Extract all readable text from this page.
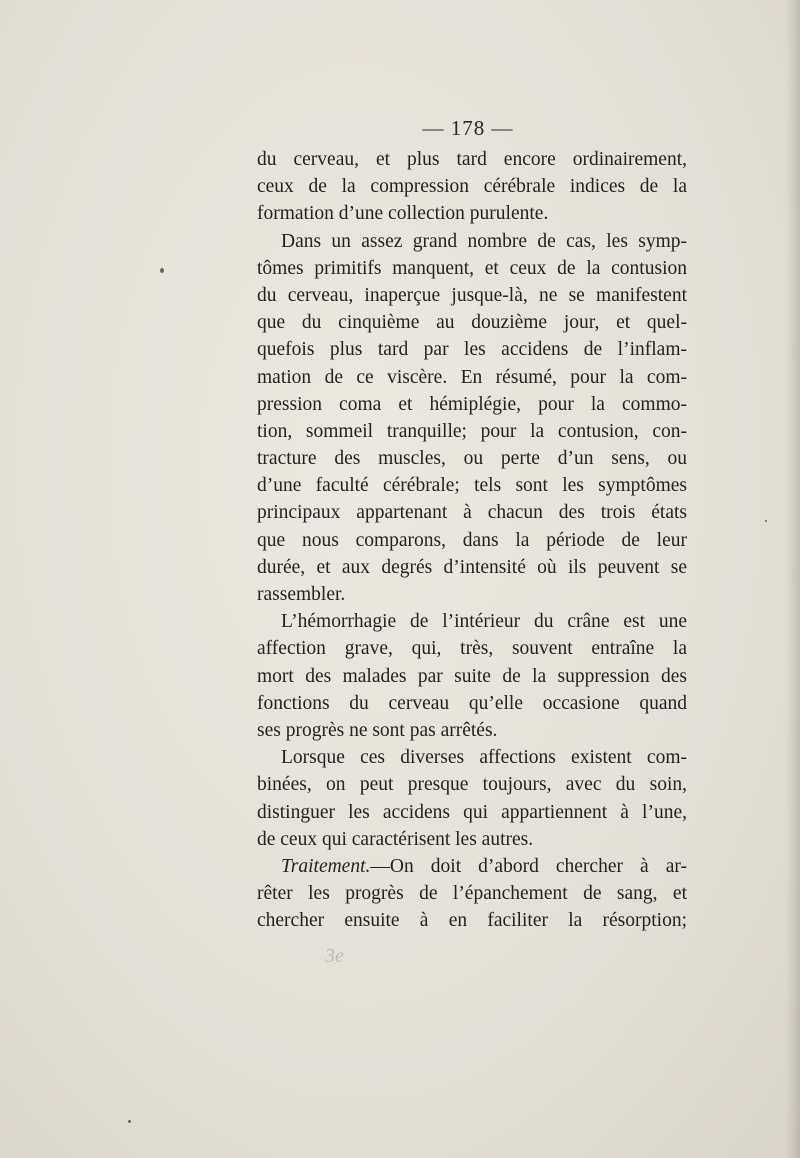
— 178 —
du cerveau, et plus tard encore ordinairement,
ceux de la compression cérébrale indices de la
formation d’une collection purulente.
Dans un assez grand nombre de cas, les symp-
tômes primitifs manquent, et ceux de la contusion
du cerveau, inaperçue jusque-là, ne se manifestent
que du cinquième au douzième jour, et quel-
quefois plus tard par les accidens de l’inflam-
mation de ce viscère. En résumé, pour la com-
pression coma et hémiplégie, pour la commo-
tion, sommeil tranquille; pour la contusion, con-
tracture des muscles, ou perte d’un sens, ou
d’une faculté cérébrale; tels sont les symptômes
principaux appartenant à chacun des trois états
que nous comparons, dans la période de leur
durée, et aux degrés d’intensité où ils peuvent se
rassembler.
L’hémorrhagie de l’intérieur du crâne est une
affection grave, qui, très, souvent entraîne la
mort des malades par suite de la suppression des
fonctions du cerveau qu’elle occasione quand
ses progrès ne sont pas arrêtés.
Lorsque ces diverses affections existent com-
binées, on peut presque toujours, avec du soin,
distinguer les accidens qui appartiennent à l’une,
de ceux qui caractérisent les autres.
Traitement.—On doit d’abord chercher à ar-
rêter les progrès de l’épanchement de sang, et
chercher ensuite à en faciliter la résorption;
3e
